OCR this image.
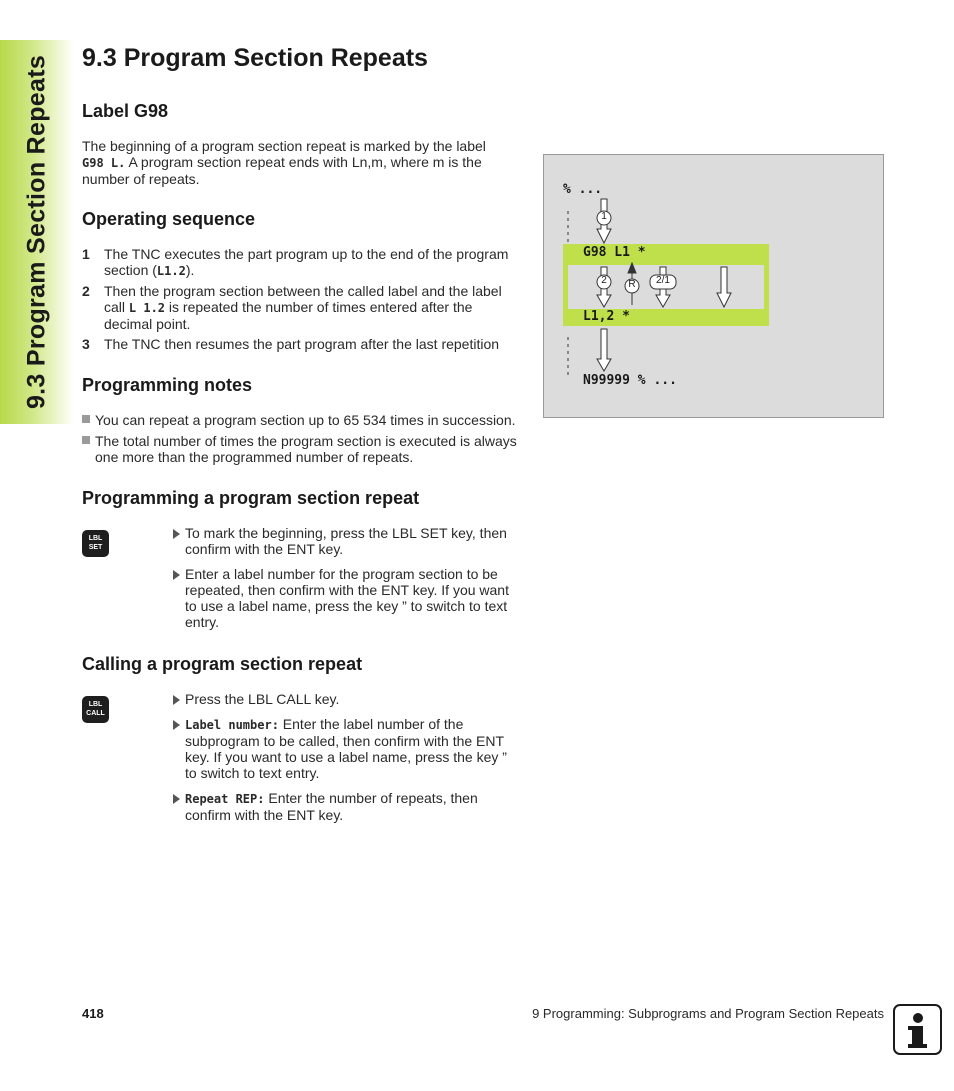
9.3 Program Section Repeats 9.3 Program Section Repeats
Label G98
The beginning of a program section repeat is marked by the label
G98 L. A program section repeat ends with Ln,m, where m is the
number of repeats.
Operating sequence
1 The TNC executes the part program up to the end of the program
section (L1.2).
2 Then the program section between the called label and the label
call L 1.2 is repeated the number of times entered after the
decimal point.
3 The TNC then resumes the part program after the last repetition
Programming notes
You can repeat a program section up to 65 534 times in succession.
The total number of times the program section is executed is always
one more than the programmed number of repeats.
Programming a program section repeat
LBL
SET
To mark the beginning, press the LBL SET key, then
confirm with the ENT key.
Enter a label number for the program section to be
repeated, then confirm with the ENT key. If you want
to use a label name, press the key ” to switch to text
entry.
Calling a program section repeat
LBL
CALL
Press the LBL CALL key.
Label number: Enter the label number of the
subprogram to be called, then confirm with the ENT
key. If you want to use a label name, press the key ”
to switch to text entry.
Repeat REP: Enter the number of repeats, then
confirm with the ENT key.
1
2 R	2/1
% ...
G98 L1 *
L1,2 *
N99999 % ...
418	9 Programming: Subprograms and Program Section Repeats
